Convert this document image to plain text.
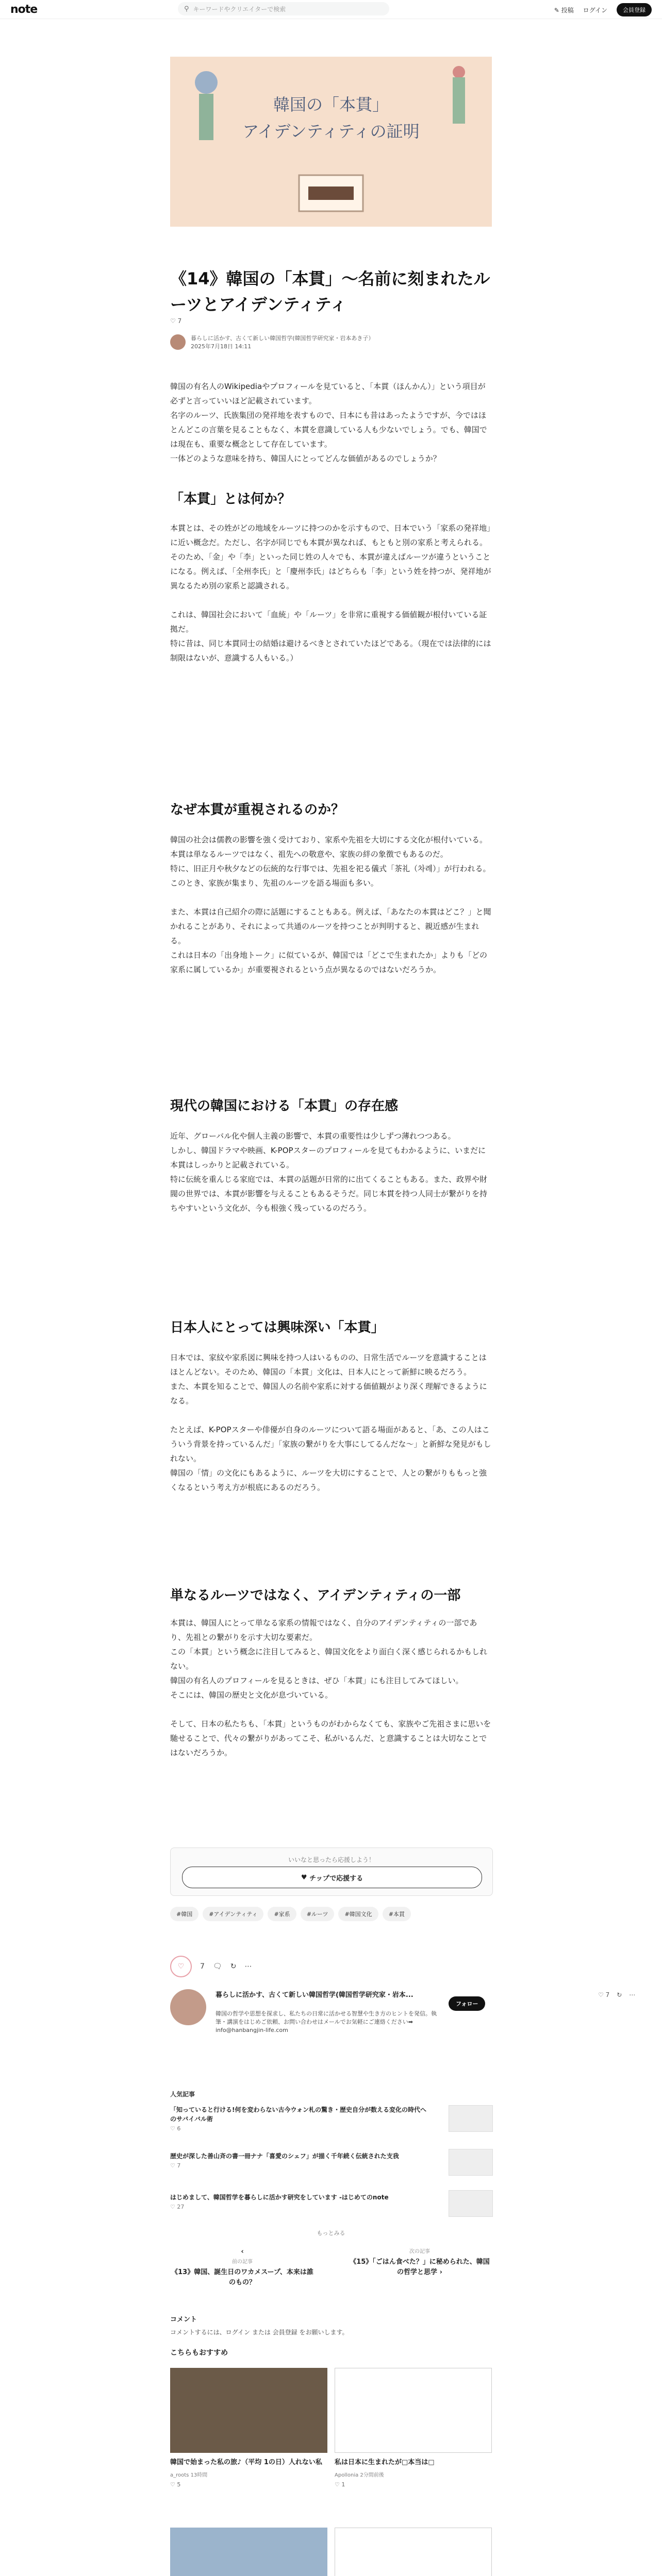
note	⚲ キーワードやクリエイターで検索	✎ 投稿 ログイン	会員登録
韓国の「本貫」
アイデンティティの証明
《14》韓国の「本貫」〜名前に刻まれたルーツとアイデンティティ
♡ 7
暮らしに活かす、古くて新しい韓国哲学(韓国哲学研究家・岩本あき子）
2025年7月18日 14:11

韓国の有名人のWikipediaやプロフィールを見ていると、「本貫（ほんかん）」という項目が必ずと言っていいほど記載されています。

名字のルーツ、氏族集団の発祥地を表すもので、日本にも昔はあったようですが、今ではほとんどこの言葉を見ることもなく、本貫を意識している人も少ないでしょう。でも、韓国では現在も、重要な概念として存在しています。

一体どのような意味を持ち、韓国人にとってどんな価値があるのでしょうか？

「本貫」とは何か？

本貫とは、その姓がどの地域をルーツに持つのかを示すもので、日本でいう「家系の発祥地」に近い概念だ。ただし、名字が同じでも本貫が異なれば、もともと別の家系と考えられる。そのため、「金」や「李」といった同じ姓の人々でも、本貫が違えばルーツが違うということになる。例えば、「全州李氏」と「慶州李氏」はどちらも「李」という姓を持つが、発祥地が異なるため別の家系と認識される。

これは、韓国社会において「血統」や「ルーツ」を非常に重視する価値観が根付いている証拠だ。

特に昔は、同じ本貫同士の結婚は避けるべきとされていたほどである。（現在では法律的には制限はないが、意識する人もいる。）

なぜ本貫が重視されるのか？

韓国の社会は儒教の影響を強く受けており、家系や先祖を大切にする文化が根付いている。

本貫は単なるルーツではなく、祖先への敬意や、家族の絆の象徴でもあるのだ。

特に、旧正月や秋夕などの伝統的な行事では、先祖を祀る儀式「茶礼（차례）」が行われる。このとき、家族が集まり、先祖のルーツを語る場面も多い。

また、本貫は自己紹介の際に話題にすることもある。例えば、「あなたの本貫はどこ？」と聞かれることがあり、それによって共通のルーツを持つことが判明すると、親近感が生まれる。

これは日本の「出身地トーク」に似ているが、韓国では「どこで生まれたか」よりも「どの家系に属しているか」が重要視されるという点が異なるのではないだろうか。

現代の韓国における「本貫」の存在感

近年、グローバル化や個人主義の影響で、本貫の重要性は少しずつ薄れつつある。

しかし、韓国ドラマや映画、K-POPスターのプロフィールを見てもわかるように、いまだに本貫はしっかりと記載されている。

特に伝統を重んじる家庭では、本貫の話題が日常的に出てくることもある。また、政界や財閥の世界では、本貫が影響を与えることもあるそうだ。同じ本貫を持つ人同士が繋がりを持ちやすいという文化が、今も根強く残っているのだろう。

日本人にとっては興味深い「本貫」

日本では、家紋や家系図に興味を持つ人はいるものの、日常生活でルーツを意識することはほとんどない。そのため、韓国の「本貫」文化は、日本人にとって新鮮に映るだろう。

また、本貫を知ることで、韓国人の名前や家系に対する価値観がより深く理解できるようになる。

たとえば、K-POPスターや俳優が自身のルーツについて語る場面があると、「あ、この人はこういう背景を持っているんだ」「家族の繋がりを大事にしてるんだな〜」と新鮮な発見がもしれない。

韓国の「情」の文化にもあるように、ルーツを大切にすることで、人との繋がりももっと強くなるという考え方が根底にあるのだろう。

単なるルーツではなく、アイデンティティの一部

本貫は、韓国人にとって単なる家系の情報ではなく、自分のアイデンティティの一部であり、先祖との繋がりを示す大切な要素だ。

この「本貫」という概念に注目してみると、韓国文化をより面白く深く感じられるかもしれない。

韓国の有名人のプロフィールを見るときは、ぜひ「本貫」にも注目してみてほしい。

そこには、韓国の歴史と文化が息づいている。

そして、日本の私たちも、「本貫」というものがわからなくても、家族やご先祖さまに思いを馳せることで、代々の繋がりがあってこそ、私がいるんだ、と意識することは大切なことではないだろうか。

いいなと思ったら応援しよう！
♥ チップで応援する
#韓国	#アイデンティティ	#家系	#ルーツ	#韓国文化	#本貫
♡ 7 🗨 ↻ ⋯
暮らしに活かす、古くて新しい韓国哲学(韓国哲学研究家・岩本...
韓国の哲学や思想を探求し、私たちの日常に活かせる智慧や生き方のヒントを発信。執筆・講演をはじめご依頼、お問い合わせはメールでお気軽にご連絡ください➡ info@hanbangjin-life.com
フォロー
人気記事
「知っていると行ける!何を変わらない古今ウォン札の驚き・歴史自分が数える変化の時代へのサバイバル術
♡ 6
歴史が深した善山斉の書一冊ナナ「喜愛のシェフ」が描く千年続く伝統された支我
♡ 7
はじめまして、韓国哲学を暮らしに活かす研究をしています -はじめてのnote
♡ 27
もっとみる
‹
前の記事
《13》韓国、誕生日のワカメスープ、本来は誰のもの？
次の記事
《15》「ごはん食べた？」に秘められた、韓国の哲学と思学 ›
コメント
コメントするには、ログイン または 会員登録 をお願いします。
こちらもおすすめ
韓国で始まった私の旅♪（平均 1の日）人れない私
a_roots 13時間
♡ 5
私は日本に生まれたが□本当は□
Apollonia 2分間前後
♡ 1
♡ 7 ↻ ⋯
